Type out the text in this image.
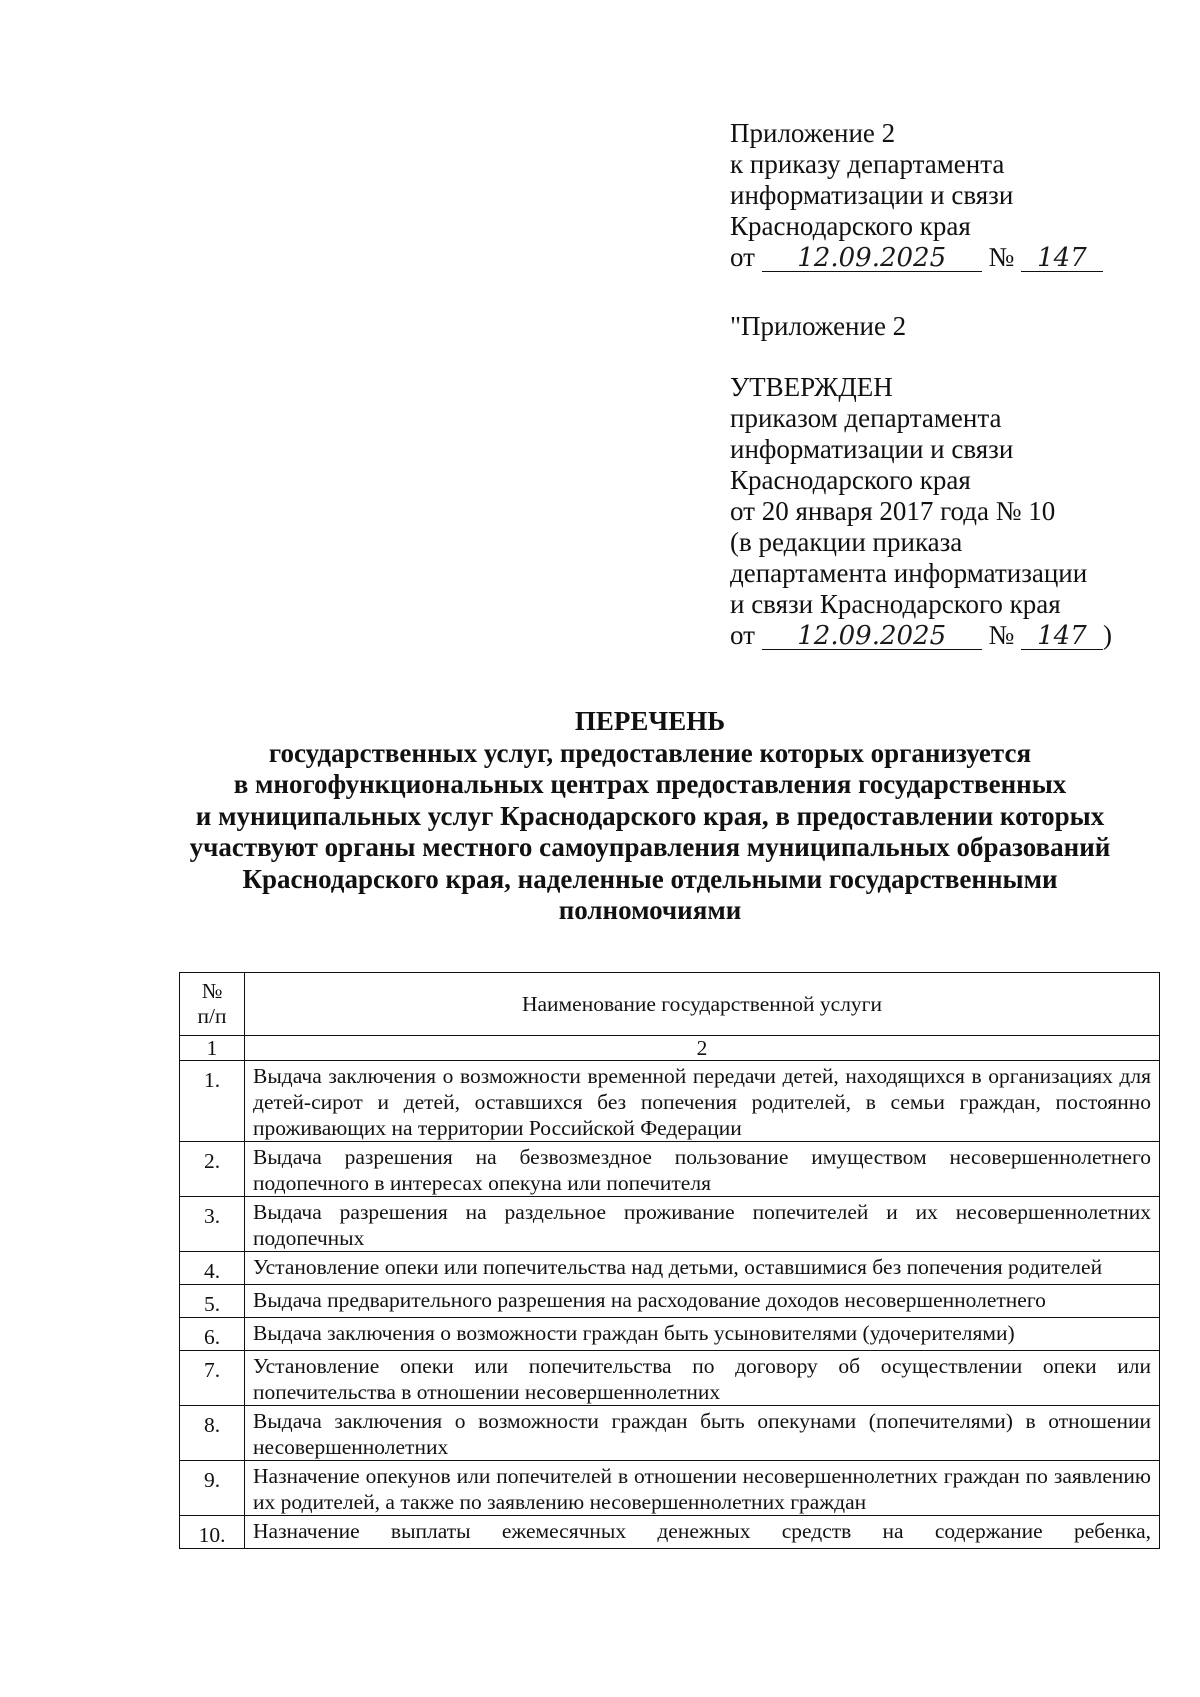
Приложение 2
к приказу департамента
информатизации и связи
Краснодарского края
от 12.09.2025 № 147
"Приложение 2
УТВЕРЖДЕН
приказом департамента
информатизации и связи
Краснодарского края
от 20 января 2017 года № 10
(в редакции приказа
департамента информатизации
и связи Краснодарского края
от 12.09.2025 № 147 )
ПЕРЕЧЕНЬ
государственных услуг, предоставление которых организуется
в многофункциональных центрах предоставления государственных
и муниципальных услуг Краснодарского края, в предоставлении которых
участвуют органы местного самоуправления муниципальных образований
Краснодарского края, наделенные отдельными государственными
полномочиями
№
п/п	Наименование государственной услуги
1	2
1.	Выдача заключения о возможности временной передачи детей, находящихся в организациях для детей-сирот и детей, оставшихся без попечения родителей, в семьи граждан, постоянно проживающих на территории Российской Федерации
2.	Выдача разрешения на безвозмездное пользование имуществом несовершеннолетнего подопечного в интересах опекуна или попечителя
3.	Выдача разрешения на раздельное проживание попечителей и их несовершеннолетних подопечных
4.	Установление опеки или попечительства над детьми, оставшимися без попечения родителей
5.	Выдача предварительного разрешения на расходование доходов несовершеннолетнего
6.	Выдача заключения о возможности граждан быть усыновителями (удочерителями)
7.	Установление опеки или попечительства по договору об осуществлении опеки или попечительства в отношении несовершеннолетних
8.	Выдача заключения о возможности граждан быть опекунами (попечителями) в отношении несовершеннолетних
9.	Назначение опекунов или попечителей в отношении несовершеннолетних граждан по заявлению их родителей, а также по заявлению несовершеннолетних граждан
10.	Назначение выплаты ежемесячных денежных средств на содержание ребенка,
